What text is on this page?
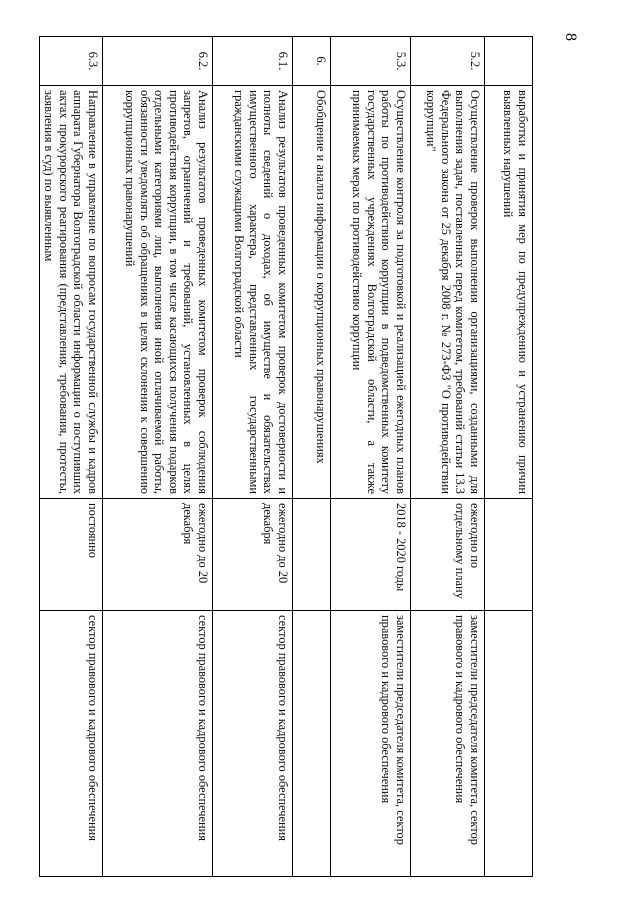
8
	выработки и принятия мер по предупреждению и устранению причин выявленных нарушений		
5.2.	Осуществление проверок выполнения организациями, созданными для выполнения задач, поставленных перед комитетом, требований статьи 13.3 Федерального закона от 25 декабря 2008 г. № 273-ФЗ "О противодействии коррупции"	ежегодно по отдельному плану	заместители председателя комитета, сектор правового и кадрового обеспечения
5.3.	Осуществление контроля за подготовкой и реализацией ежегодных планов работы по противодействию коррупции в подведомственных комитету государственных учреждениях Волгоградской области, а также принимаемых мерах по противодействию коррупции	2018 - 2020 годы	заместители председателя комитета, сектор правового и кадрового обеспечения
6.	Обобщение и анализ информации о коррупционных правонарушениях		
6.1.	Анализ результатов проведенных комитетом проверок достоверности и полноты сведений о доходах, об имуществе и обязательствах имущественного характера, представленных государственными гражданскими служащими Волгоградской области	ежегодно до 20 декабря	сектор правового и кадрового обеспечения
6.2.	Анализ результатов проведенных комитетом проверок соблюдения запретов, ограничений и требований, установленных в целях противодействия коррупции, в том числе касающихся получения подарков отдельными категориями лиц, выполнения иной оплачиваемой работы, обязанности уведомлять об обращениях в целях склонения к совершению коррупционных правонарушений	ежегодно до 20 декабря	сектор правового и кадрового обеспечения
6.3.	Направление в управление по вопросам государственной службы и кадров аппарата Губернатора Волгоградской области информации о поступивших актах прокурорского реагирования (представления, требования, протесты, заявления в суд) по выявленным	постоянно	сектор правового и кадрового обеспечения
